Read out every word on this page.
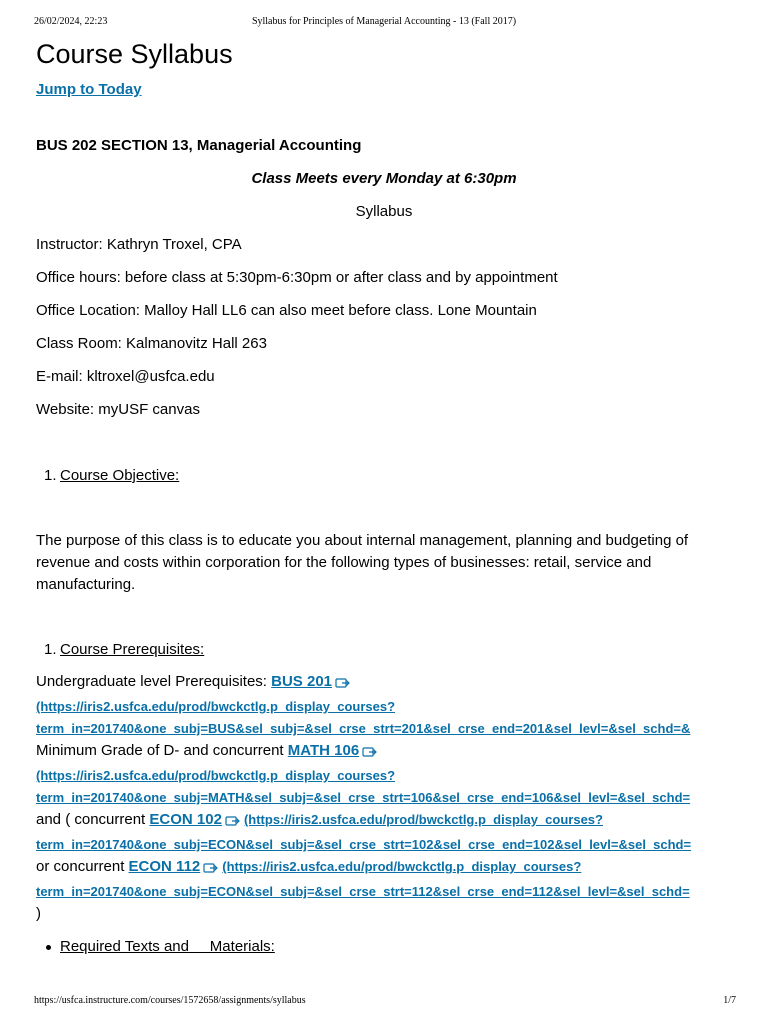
26/02/2024, 22:23	Syllabus for Principles of Managerial Accounting - 13 (Fall 2017)
Course Syllabus
Jump to Today

BUS 202 SECTION 13, Managerial Accounting

Class Meets every Monday at 6:30pm

Syllabus

Instructor: Kathryn Troxel, CPA

Office hours: before class at 5:30pm-6:30pm or after class and by appointment

Office Location: Malloy Hall LL6 can also meet before class. Lone Mountain

Class Room: Kalmanovitz Hall 263

E-mail: kltroxel@usfca.edu

Website: myUSF canvas

1. Course Objective:

The purpose of this class is to educate you about internal management, planning and budgeting of revenue and costs within corporation for the following types of businesses: retail, service and manufacturing.

1. Course Prerequisites:
Undergraduate level Prerequisites: BUS 201
(https://iris2.usfca.edu/prod/bwckctlg.p_display_courses?
term_in=201740&one_subj=BUS&sel_subj=&sel_crse_strt=201&sel_crse_end=201&sel_levl=&sel_schd=&
Minimum Grade of D- and concurrent MATH 106
(https://iris2.usfca.edu/prod/bwckctlg.p_display_courses?
term_in=201740&one_subj=MATH&sel_subj=&sel_crse_strt=106&sel_crse_end=106&sel_levl=&sel_schd=
and ( concurrent ECON 102 (https://iris2.usfca.edu/prod/bwckctlg.p_display_courses?
term_in=201740&one_subj=ECON&sel_subj=&sel_crse_strt=102&sel_crse_end=102&sel_levl=&sel_schd=
or concurrent ECON 112 (https://iris2.usfca.edu/prod/bwckctlg.p_display_courses?
term_in=201740&one_subj=ECON&sel_subj=&sel_crse_strt=112&sel_crse_end=112&sel_levl=&sel_schd=
)
Required Texts and     Materials:
https://usfca.instructure.com/courses/1572658/assignments/syllabus	1/7
